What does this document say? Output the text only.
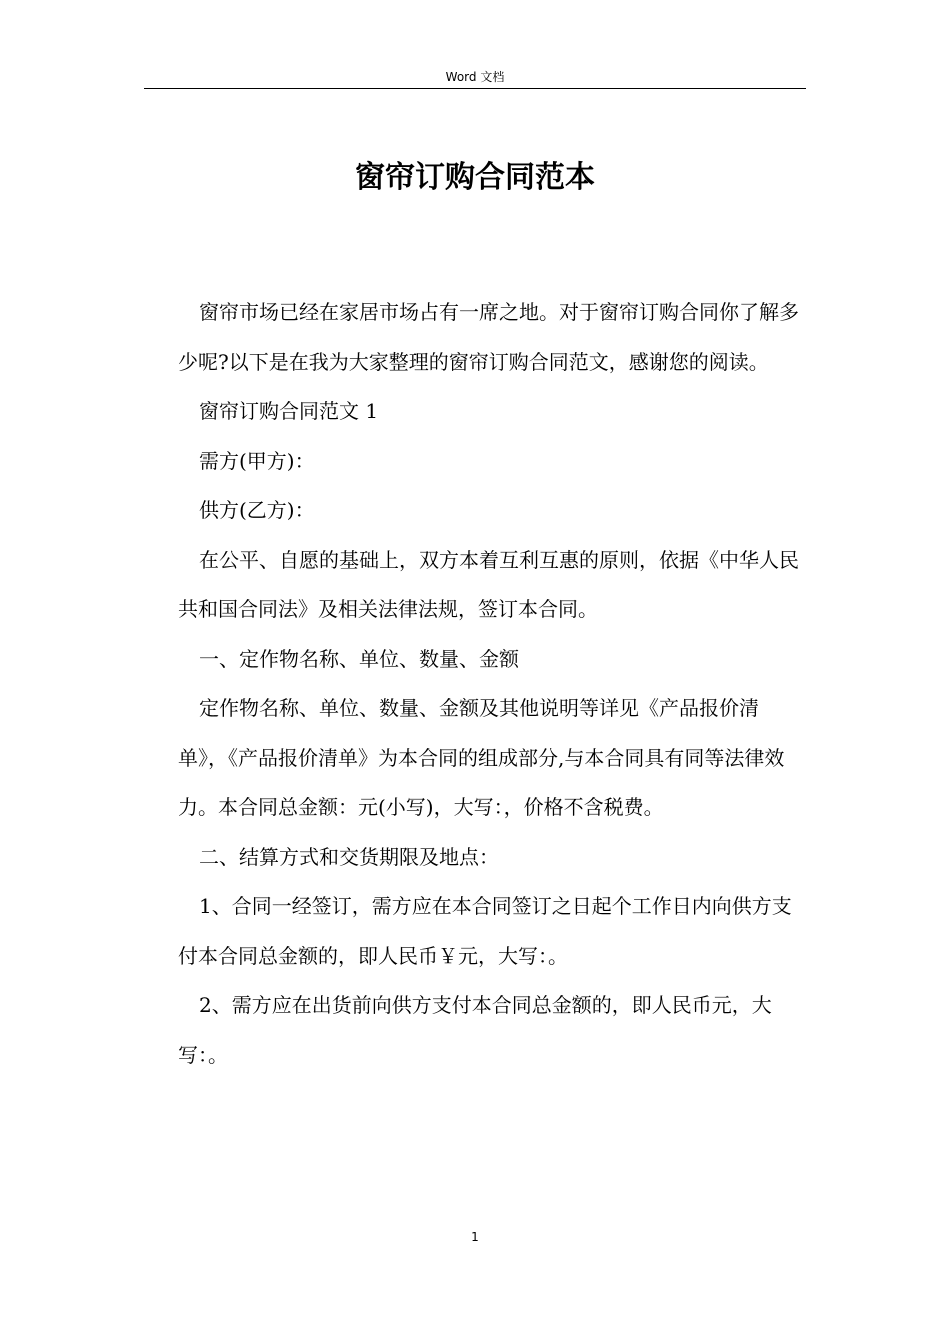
Word 文档
窗帘订购合同范本

窗帘市场已经在家居市场占有一席之地。对于窗帘订购合同你了解多少呢?以下是在我为大家整理的窗帘订购合同范文，感谢您的阅读。

窗帘订购合同范文 1

需方(甲方)：

供方(乙方)：

在公平、自愿的基础上，双方本着互利互惠的原则，依据《中华人民共和国合同法》及相关法律法规，签订本合同。

一、定作物名称、单位、数量、金额

定作物名称、单位、数量、金额及其他说明等详见《产品报价清单》，《产品报价清单》为本合同的组成部分,与本合同具有同等法律效力。本合同总金额：元(小写)，大写：，价格不含税费。

二、结算方式和交货期限及地点：

1、合同一经签订，需方应在本合同签订之日起个工作日内向供方支付本合同总金额的，即人民币￥元，大写：。

2、需方应在出货前向供方支付本合同总金额的，即人民币元，大写：。

1
